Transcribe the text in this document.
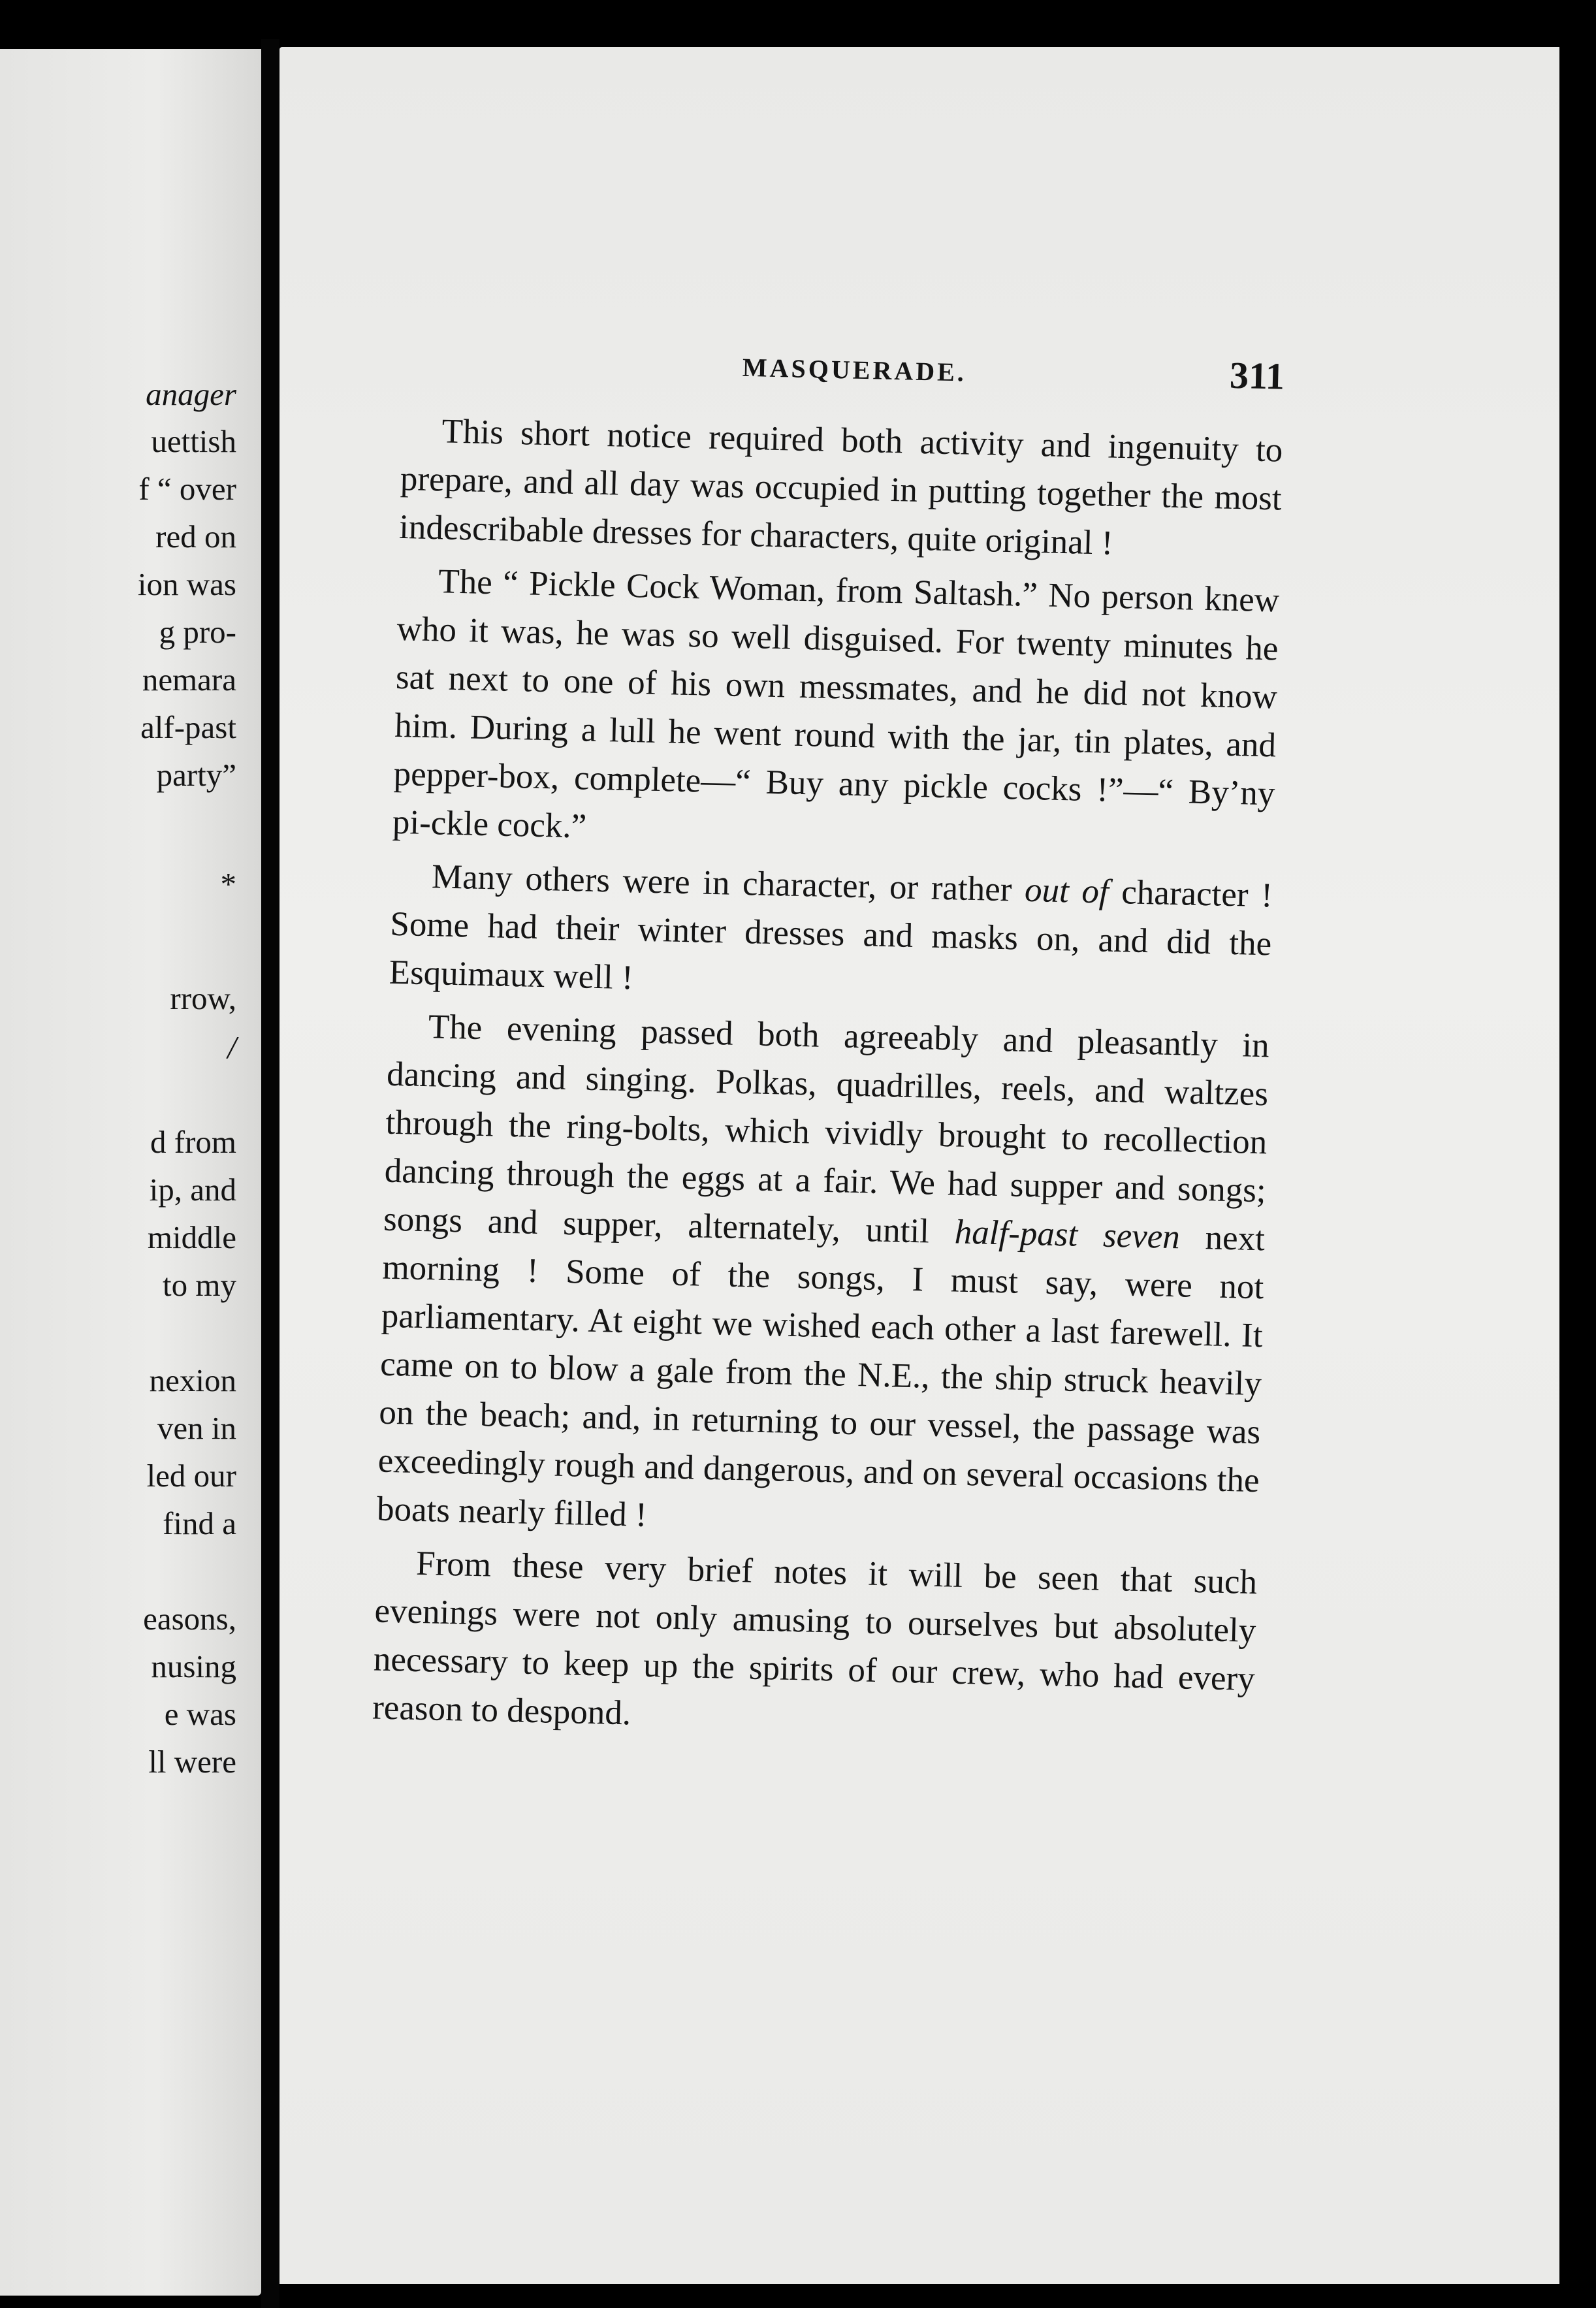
anager
uettish
f “ over
red on
ion was
g pro-
nemara
alf-past
party”
*
rrow,
/
d from
ip, and
middle
to my
nexion
ven in
led our
find a
easons,
nusing
e was
ll were
MASQUERADE.	311

This short notice required both activity and ingenuity to prepare, and all day was occupied in putting together the most indescribable dresses for characters, quite original !

The “ Pickle Cock Woman, from Saltash.” No person knew who it was, he was so well disguised. For twenty minutes he sat next to one of his own messmates, and he did not know him. During a lull he went round with the jar, tin plates, and pepper-box, complete—“ Buy any pickle cocks !”—“ By’ny pi-ckle cock.”

Many others were in character, or rather out of character ! Some had their winter dresses and masks on, and did the Esquimaux well !

The evening passed both agreeably and pleasantly in dancing and singing. Polkas, quadrilles, reels, and waltzes through the ring-bolts, which vividly brought to recollection dancing through the eggs at a fair. We had supper and songs; songs and supper, alternately, until half-past seven next morning ! Some of the songs, I must say, were not parliamentary. At eight we wished each other a last farewell. It came on to blow a gale from the N.E., the ship struck heavily on the beach; and, in returning to our vessel, the passage was exceedingly rough and dangerous, and on several occasions the boats nearly filled !

From these very brief notes it will be seen that such evenings were not only amusing to ourselves but absolutely necessary to keep up the spirits of our crew, who had every reason to despond.
